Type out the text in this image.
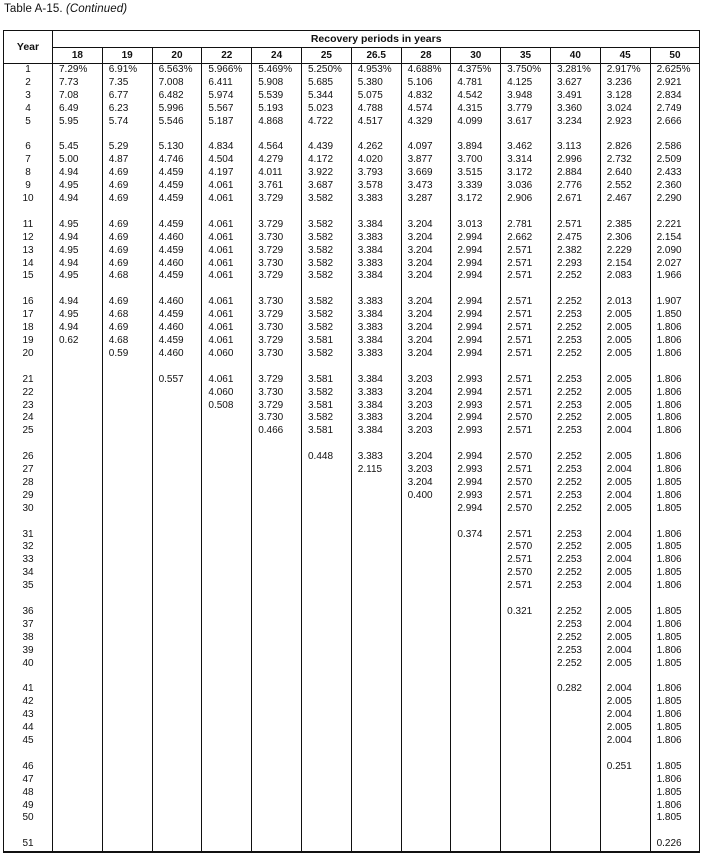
Table A-15. (Continued)
Year	Recovery periods in years												
	18	19	20	22	24	25	26.5	28	30	35	40	45	50
1	7.29%	6.91%	6.563%	5.966%	5.469%	5.250%	4.953%	4.688%	4.375%	3.750%	3.281%	2.917%	2.625%
2	7.73	7.35	7.008	6.411	5.908	5.685	5.380	5.106	4.781	4.125	3.627	3.236	2.921
3	7.08	6.77	6.482	5.974	5.539	5.344	5.075	4.832	4.542	3.948	3.491	3.128	2.834
4	6.49	6.23	5.996	5.567	5.193	5.023	4.788	4.574	4.315	3.779	3.360	3.024	2.749
5	5.95	5.74	5.546	5.187	4.868	4.722	4.517	4.329	4.099	3.617	3.234	2.923	2.666

6	5.45	5.29	5.130	4.834	4.564	4.439	4.262	4.097	3.894	3.462	3.113	2.826	2.586
7	5.00	4.87	4.746	4.504	4.279	4.172	4.020	3.877	3.700	3.314	2.996	2.732	2.509
8	4.94	4.69	4.459	4.197	4.011	3.922	3.793	3.669	3.515	3.172	2.884	2.640	2.433
9	4.95	4.69	4.459	4.061	3.761	3.687	3.578	3.473	3.339	3.036	2.776	2.552	2.360
10	4.94	4.69	4.459	4.061	3.729	3.582	3.383	3.287	3.172	2.906	2.671	2.467	2.290

11	4.95	4.69	4.459	4.061	3.729	3.582	3.384	3.204	3.013	2.781	2.571	2.385	2.221
12	4.94	4.69	4.460	4.061	3.730	3.582	3.383	3.204	2.994	2.662	2.475	2.306	2.154
13	4.95	4.69	4.459	4.061	3.729	3.582	3.384	3.204	2.994	2.571	2.382	2.229	2.090
14	4.94	4.69	4.460	4.061	3.730	3.582	3.383	3.204	2.994	2.571	2.293	2.154	2.027
15	4.95	4.68	4.459	4.061	3.729	3.582	3.384	3.204	2.994	2.571	2.252	2.083	1.966

16	4.94	4.69	4.460	4.061	3.730	3.582	3.383	3.204	2.994	2.571	2.252	2.013	1.907
17	4.95	4.68	4.459	4.061	3.729	3.582	3.384	3.204	2.994	2.571	2.253	2.005	1.850
18	4.94	4.69	4.460	4.061	3.730	3.582	3.383	3.204	2.994	2.571	2.252	2.005	1.806
19	0.62	4.68	4.459	4.061	3.729	3.581	3.384	3.204	2.994	2.571	2.253	2.005	1.806
20		0.59	4.460	4.060	3.730	3.582	3.383	3.204	2.994	2.571	2.252	2.005	1.806

21			0.557	4.061	3.729	3.581	3.384	3.203	2.993	2.571	2.253	2.005	1.806
22				4.060	3.730	3.582	3.383	3.204	2.994	2.571	2.252	2.005	1.806
23				0.508	3.729	3.581	3.384	3.203	2.993	2.571	2.253	2.005	1.806
24					3.730	3.582	3.383	3.204	2.994	2.570	2.252	2.005	1.806
25					0.466	3.581	3.384	3.203	2.993	2.571	2.253	2.004	1.806

26						0.448	3.383	3.204	2.994	2.570	2.252	2.005	1.806
27							2.115	3.203	2.993	2.571	2.253	2.004	1.806
28								3.204	2.994	2.570	2.252	2.005	1.805
29								0.400	2.993	2.571	2.253	2.004	1.806
30									2.994	2.570	2.252	2.005	1.805

31									0.374	2.571	2.253	2.004	1.806
32										2.570	2.252	2.005	1.805
33										2.571	2.253	2.004	1.806
34										2.570	2.252	2.005	1.805
35										2.571	2.253	2.004	1.806

36										0.321	2.252	2.005	1.805
37											2.253	2.004	1.806
38											2.252	2.005	1.805
39											2.253	2.004	1.806
40											2.252	2.005	1.805

41											0.282	2.004	1.806
42												2.005	1.805
43												2.004	1.806
44												2.005	1.805
45												2.004	1.806

46												0.251	1.805
47													1.806
48													1.805
49													1.806
50													1.805

51													0.226
